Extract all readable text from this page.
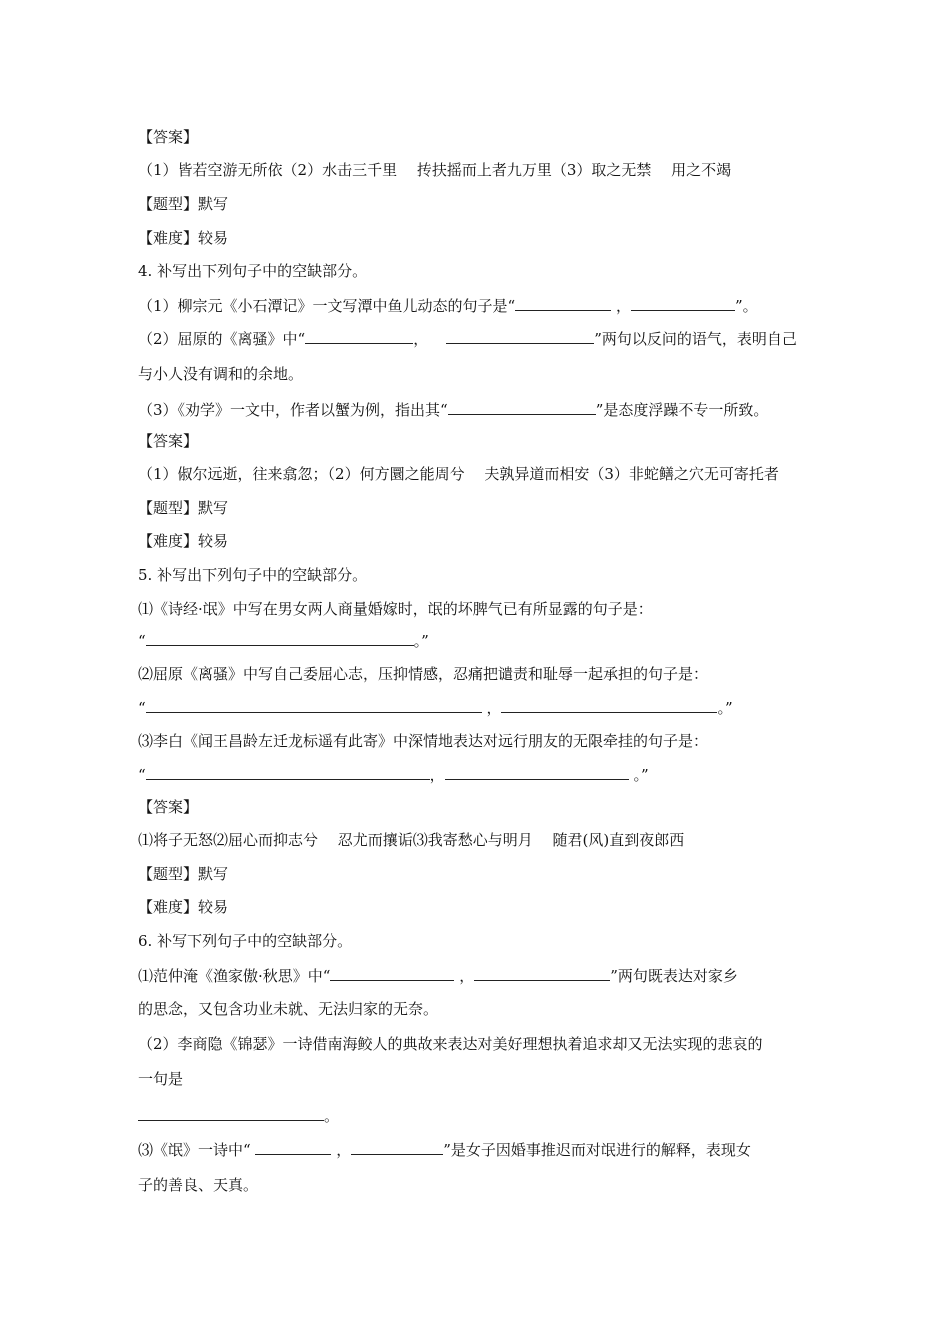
【答案】
（1）皆若空游无所依（2）水击三千里　 抟扶摇而上者九万里（3）取之无禁　 用之不竭
【题型】默写
【难度】较易
4. 补写出下列句子中的空缺部分。
（1）柳宗元《小石潭记》一文写潭中鱼儿动态的句子是“	，	”。
（2）屈原的《离骚》中“	，	”两句以反问的语气，表明自己
与小人没有调和的余地。
（3）《劝学》一文中，作者以蟹为例，指出其“	”是态度浮躁不专一所致。
【答案】
（1）俶尔远逝，往来翕忽；（2）何方圜之能周兮　 夫孰异道而相安（3）非蛇鳝之穴无可寄托者
【题型】默写
【难度】较易
5. 补写出下列句子中的空缺部分。
⑴《诗经·氓》中写在男女两人商量婚嫁时，氓的坏脾气已有所显露的句子是：
“	。”
⑵屈原《离骚》中写自己委屈心志，压抑情感，忍痛把谴责和耻辱一起承担的句子是：
“	，	。”
⑶李白《闻王昌龄左迁龙标遥有此寄》中深情地表达对远行朋友的无限牵挂的句子是：
“	，	。”
【答案】
⑴将子无怒⑵屈心而抑志兮　 忍尤而攘诟⑶我寄愁心与明月　 随君(风)直到夜郎西
【题型】默写
【难度】较易
6. 补写下列句子中的空缺部分。
⑴范仲淹《渔家傲·秋思》中“	，	”两句既表达对家乡
的思念，又包含功业未就、无法归家的无奈。
（2）李商隐《锦瑟》一诗借南海鲛人的典故来表达对美好理想执着追求却又无法实现的悲哀的
一句是
。
⑶《氓》一诗中“	，	”是女子因婚事推迟而对氓进行的解释，表现女
子的善良、天真。
